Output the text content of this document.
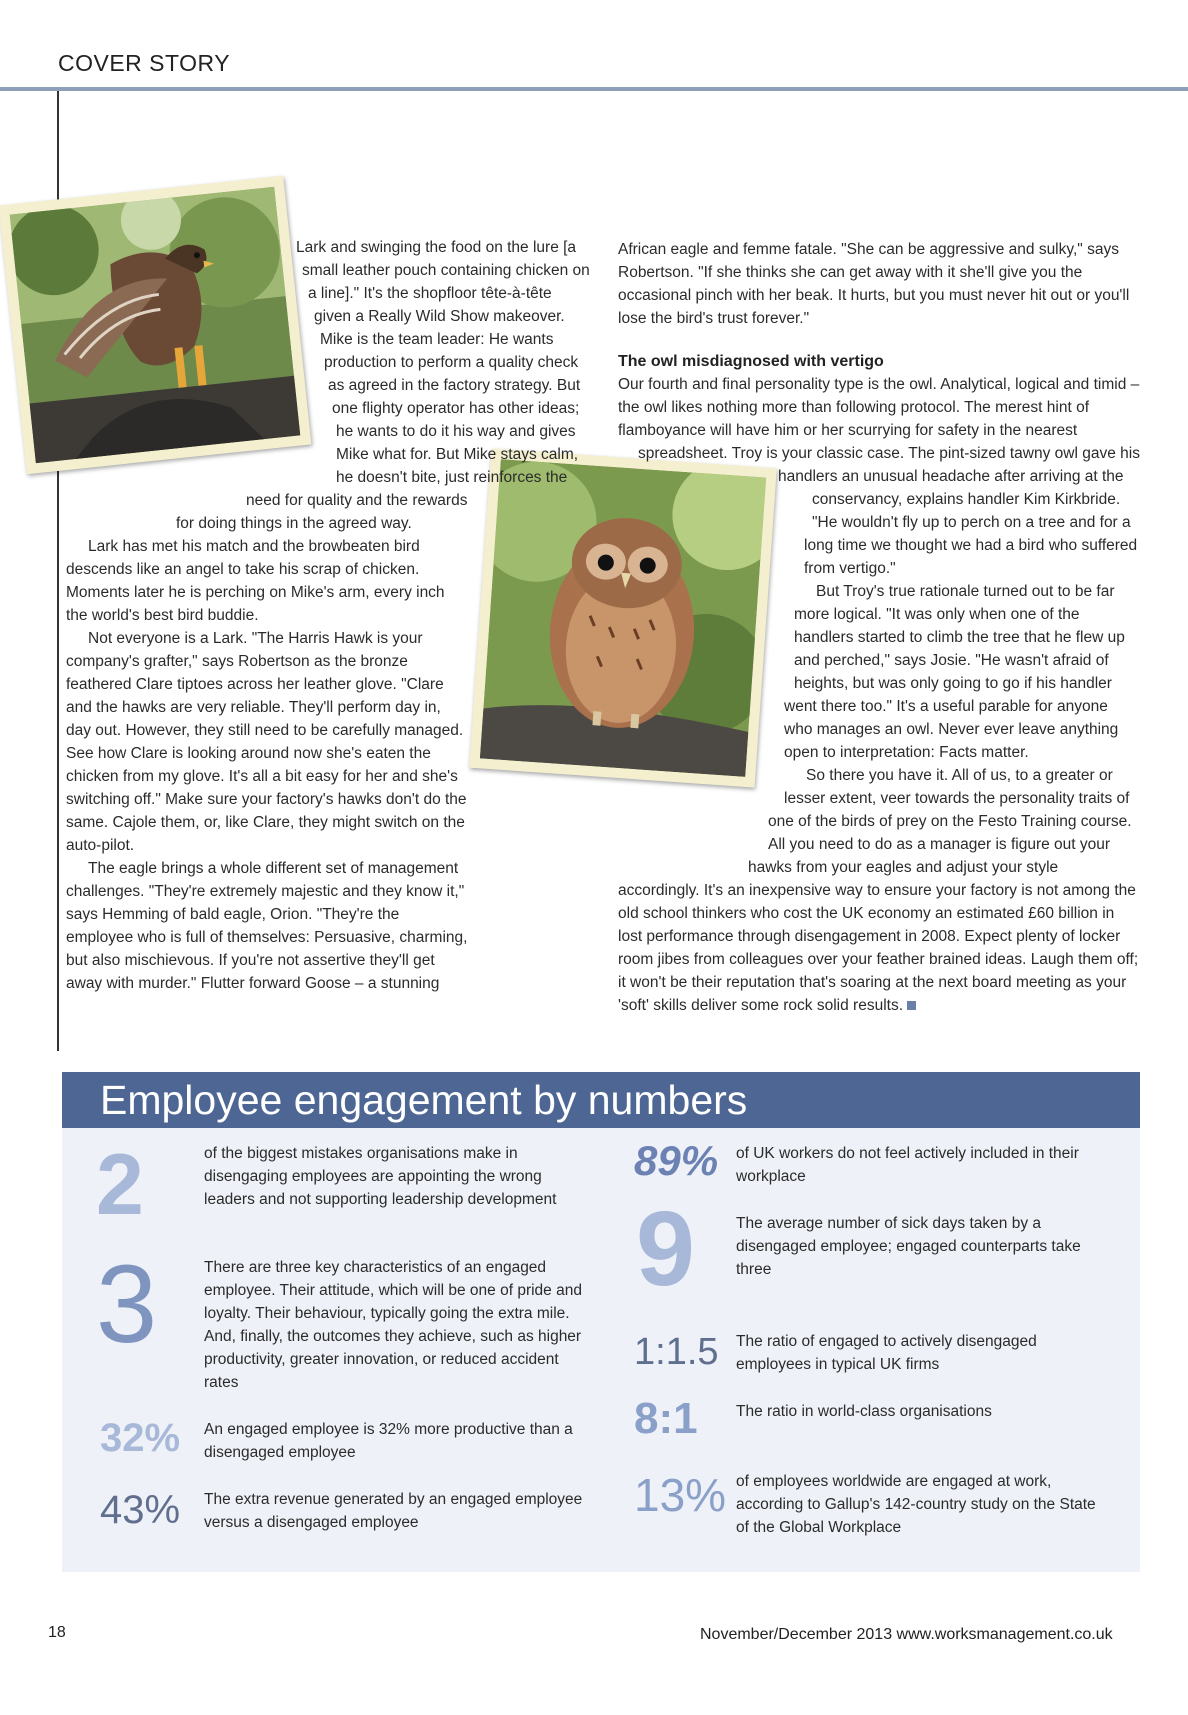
COVER STORY

Lark and swinging the food on the lure [a small leather pouch containing chicken on a line]." It's the shopfloor tête-à-tête given a Really Wild Show makeover. Mike is the team leader: He wants production to perform a quality check as agreed in the factory strategy. But one flighty operator has other ideas; he wants to do it his way and gives Mike what for. But Mike stays calm, he doesn't bite, just reinforces the need for quality and the rewards for doing things in the agreed way.

Lark has met his match and the browbeaten bird descends like an angel to take his scrap of chicken. Moments later he is perching on Mike's arm, every inch the world's best bird buddie.

Not everyone is a Lark. "The Harris Hawk is your company's grafter," says Robertson as the bronze feathered Clare tiptoes across her leather glove. "Clare and the hawks are very reliable. They'll perform day in, day out. However, they still need to be carefully managed. See how Clare is looking around now she's eaten the chicken from my glove. It's all a bit easy for her and she's switching off." Make sure your factory's hawks don't do the same. Cajole them, or, like Clare, they might switch on the auto-pilot.

The eagle brings a whole different set of management challenges. "They're extremely majestic and they know it," says Hemming of bald eagle, Orion. "They're the employee who is full of themselves: Persuasive, charming, but also mischievous. If you're not assertive they'll get away with murder." Flutter forward Goose – a stunning

African eagle and femme fatale. "She can be aggressive and sulky," says Robertson. "If she thinks she can get away with it she'll give you the occasional pinch with her beak. It hurts, but you must never hit out or you'll lose the bird's trust forever."

The owl misdiagnosed with vertigo

Our fourth and final personality type is the owl. Analytical, logical and timid – the owl likes nothing more than following protocol. The merest hint of flamboyance will have him or her scurrying for safety in the nearest spreadsheet. Troy is your classic case. The pint-sized tawny owl gave his handlers an unusual headache after arriving at the conservancy, explains handler Kim Kirkbride. "He wouldn't fly up to perch on a tree and for a long time we thought we had a bird who suffered from vertigo."

But Troy's true rationale turned out to be far more logical. "It was only when one of the handlers started to climb the tree that he flew up and perched," says Josie. "He wasn't afraid of heights, but was only going to go if his handler went there too." It's a useful parable for anyone who manages an owl. Never ever leave anything open to interpretation: Facts matter.

So there you have it. All of us, to a greater or lesser extent, veer towards the personality traits of one of the birds of prey on the Festo Training course. All you need to do as a manager is figure out your hawks from your eagles and adjust your style accordingly. It's an inexpensive way to ensure your factory is not among the old school thinkers who cost the UK economy an estimated £60 billion in lost performance through disengagement in 2008. Expect plenty of locker room jibes from colleagues over your feather brained ideas. Laugh them off; it won't be their reputation that's soaring at the next board meeting as your 'soft' skills deliver some rock solid results.

Employee engagement by numbers
2	of the biggest mistakes organisations make in disengaging employees are appointing the wrong leaders and not supporting leadership development
3	There are three key characteristics of an engaged employee. Their attitude, which will be one of pride and loyalty. Their behaviour, typically going the extra mile. And, finally, the outcomes they achieve, such as higher productivity, greater innovation, or reduced accident rates
32% An engaged employee is 32% more productive than a disengaged employee
43% The extra revenue generated by an engaged employee versus a disengaged employee
89% of UK workers do not feel actively included in their workplace
9	The average number of sick days taken by a disengaged employee; engaged counterparts take three
1:1.5 The ratio of engaged to actively disengaged employees in typical UK firms
8:1 The ratio in world-class organisations
13% of employees worldwide are engaged at work, according to Gallup's 142-country study on the State of the Global Workplace
18	November/December 2013 www.worksmanagement.co.uk
